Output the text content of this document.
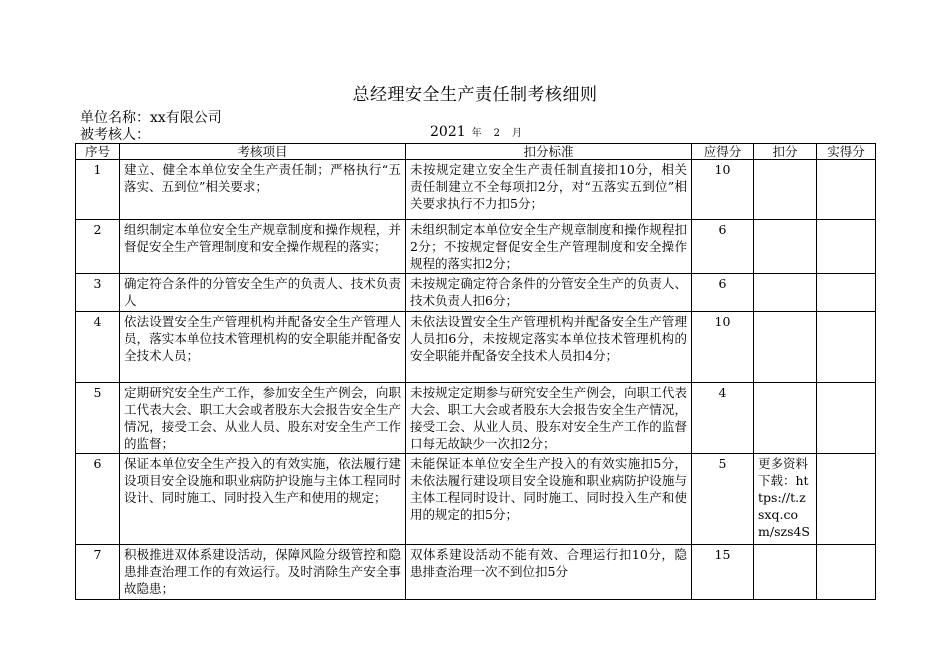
总经理安全生产责任制考核细则
单位名称：xx有限公司
被考核人：	2021 年 2 月
序号	考核项目	扣分标准	应得分	扣分	实得分
1	建立、健全本单位安全生产责任制；严格执行“五落实、五到位”相关要求；	未按规定建立安全生产责任制直接扣10分，相关责任制建立不全每项扣2分，对“五落实五到位”相关要求执行不力扣5分；	10		
2	组织制定本单位安全生产规章制度和操作规程，并督促安全生产管理制度和安全操作规程的落实；	未组织制定本单位安全生产规章制度和操作规程扣2分；不按规定督促安全生产管理制度和安全操作规程的落实扣2分；	6		
3	确定符合条件的分管安全生产的负责人、技术负责人	未按规定确定符合条件的分管安全生产的负责人、技术负责人扣6分；	6		
4	依法设置安全生产管理机构并配备安全生产管理人员，落实本单位技术管理机构的安全职能并配备安全技术人员；	未依法设置安全生产管理机构并配备安全生产管理人员扣6分，未按规定落实本单位技术管理机构的安全职能并配备安全技术人员扣4分；	10		
5	定期研究安全生产工作，参加安全生产例会，向职工代表大会、职工大会或者股东大会报告安全生产情况，接受工会、从业人员、股东对安全生产工作的监督；	未按规定定期参与研究安全生产例会，向职工代表大会、职工大会或者股东大会报告安全生产情况，接受工会、从业人员、股东对安全生产工作的监督口每无故缺少一次扣2分；	4		
6	保证本单位安全生产投入的有效实施，依法履行建设项目安全设施和职业病防护设施与主体工程同时设计、同时施工、同时投入生产和使用的规定；	未能保证本单位安全生产投入的有效实施扣5分，未依法履行建设项目安全设施和职业病防护设施与主体工程同时设计、同时施工、同时投入生产和使用的规定的扣5分；	5	更多资料下载：https://t.zsxq.com/szs4S	
7	积极推进双体系建设活动，保障风险分级管控和隐患排查治理工作的有效运行。及时消除生产安全事故隐患；	双体系建设活动不能有效、合理运行扣10分，隐患排查治理一次不到位扣5分	15		
